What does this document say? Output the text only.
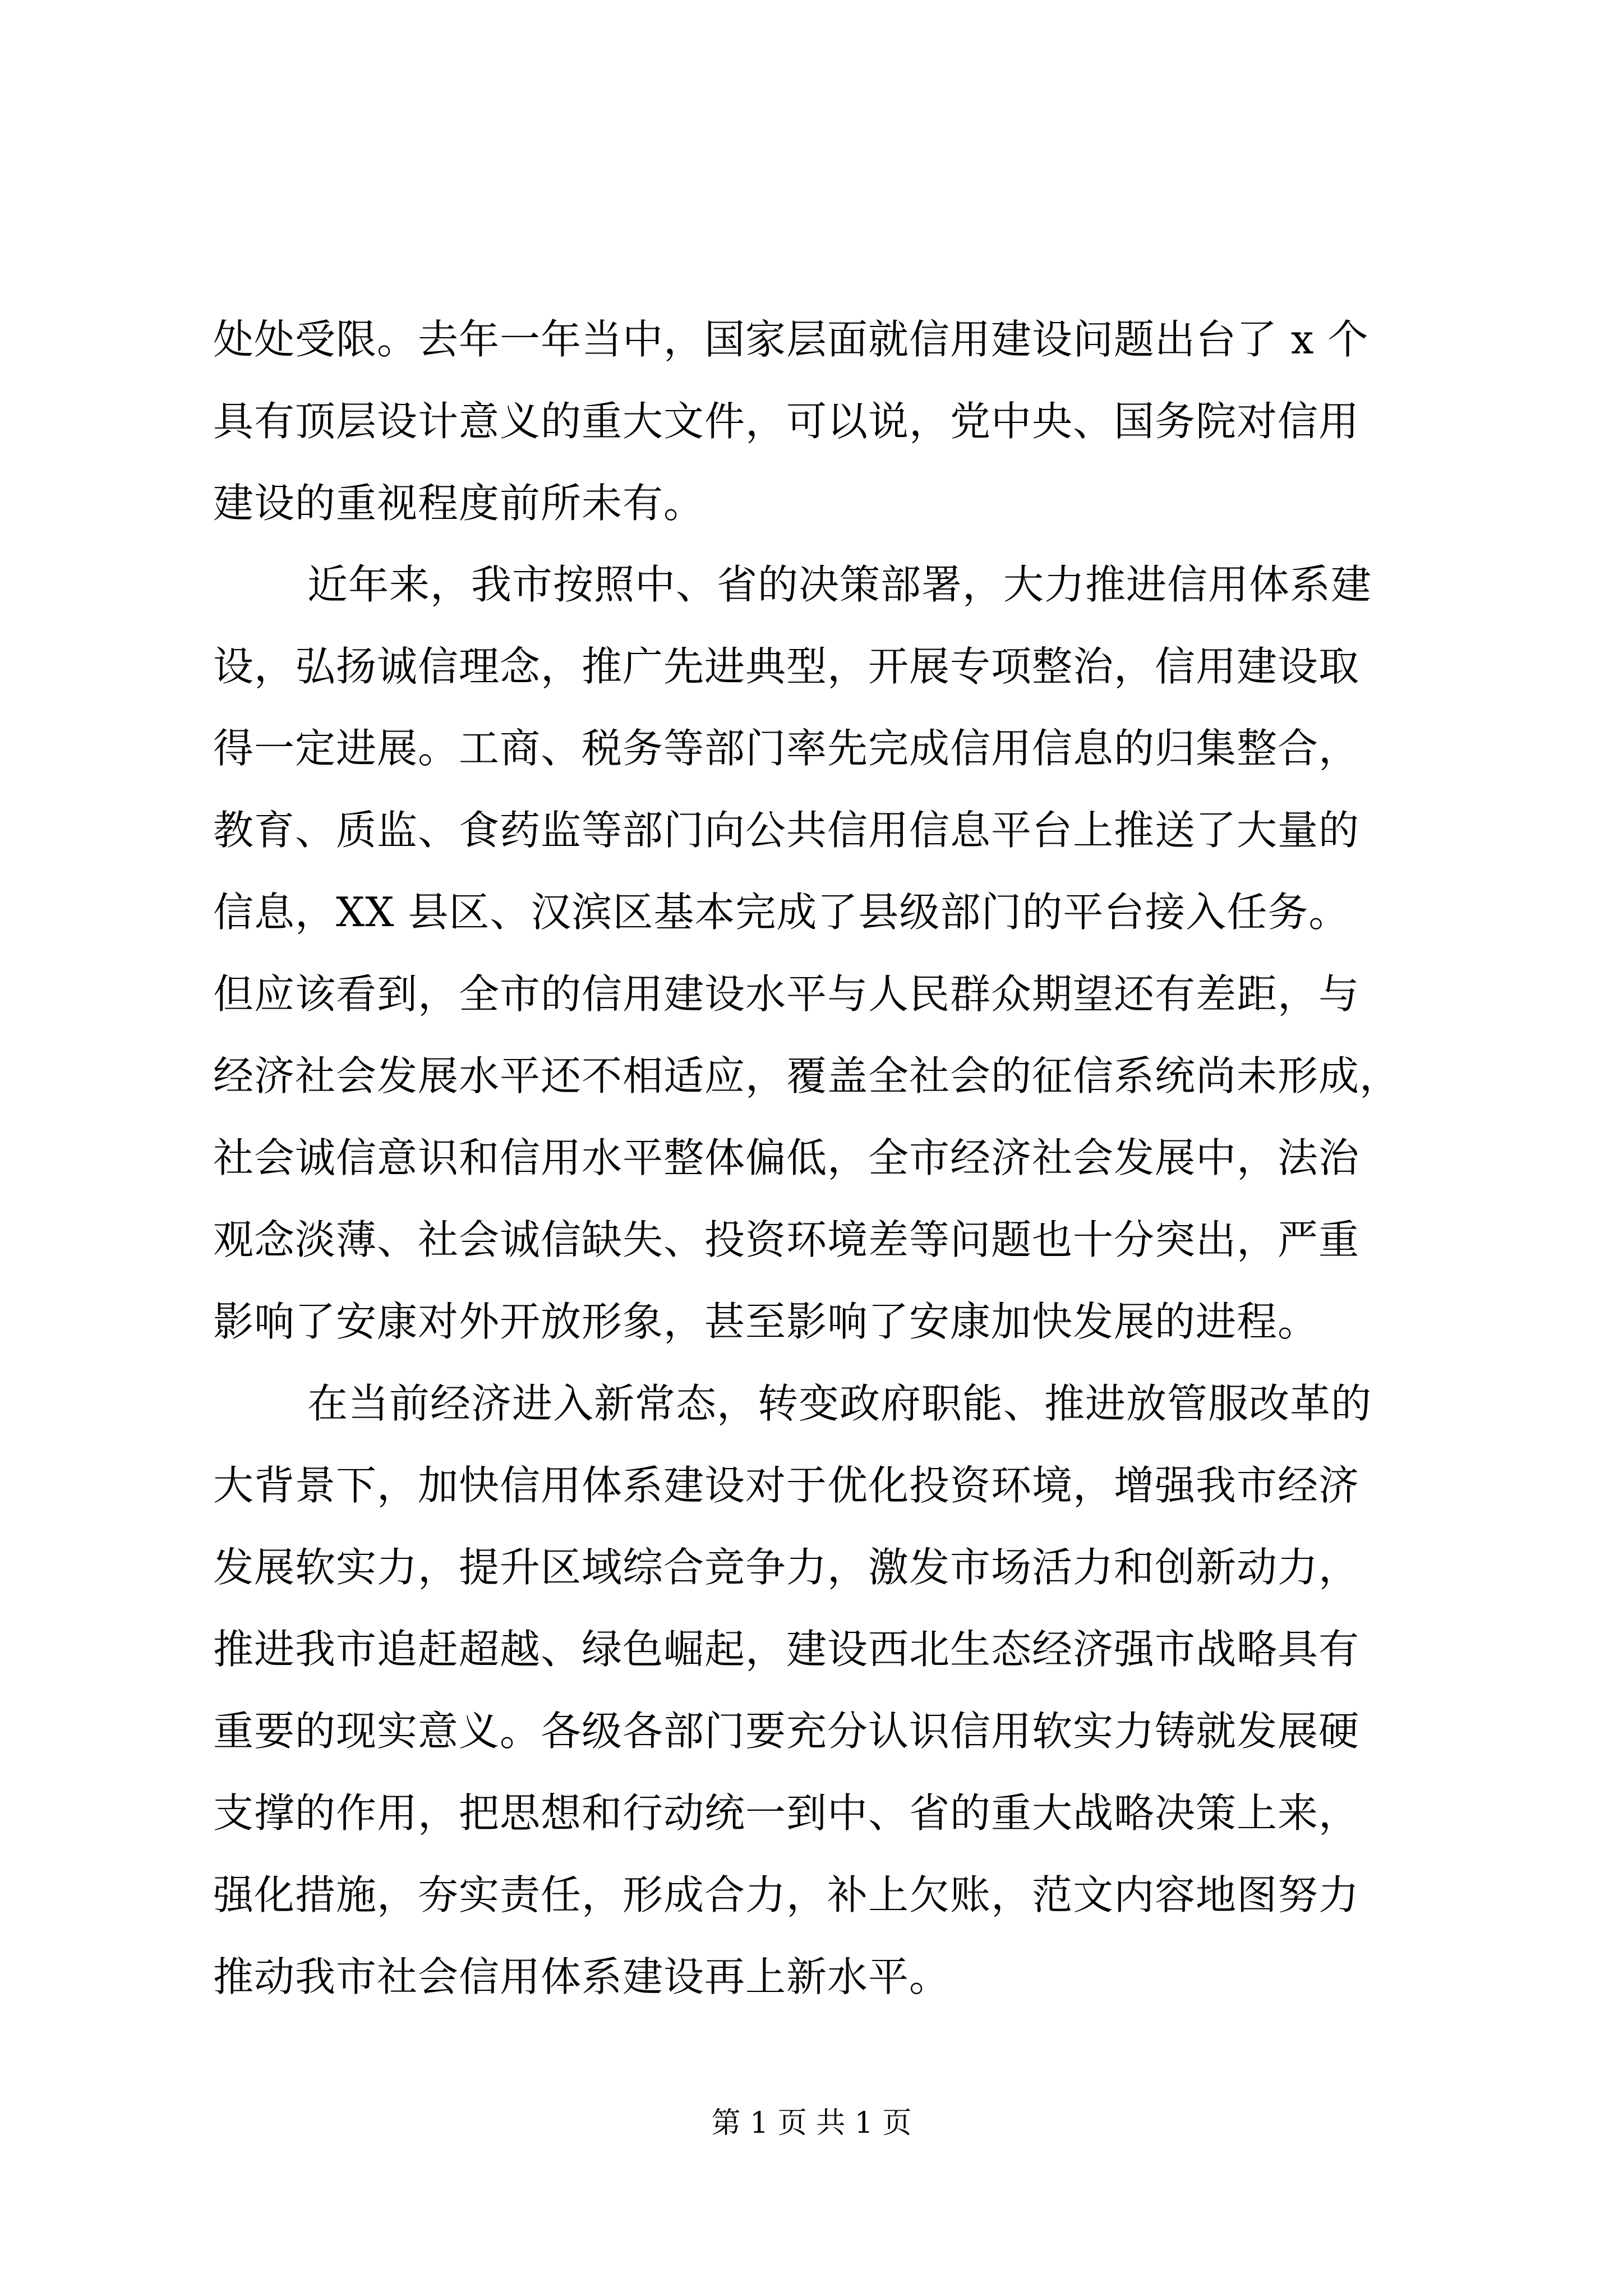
处处受限。去年一年当中，国家层面就信用建设问题出台了 x 个
具有顶层设计意义的重大文件，可以说，党中央、国务院对信用
建设的重视程度前所未有。
近年来，我市按照中、省的决策部署，大力推进信用体系建
设，弘扬诚信理念，推广先进典型，开展专项整治，信用建设取
得一定进展。工商、税务等部门率先完成信用信息的归集整合，
教育、质监、食药监等部门向公共信用信息平台上推送了大量的
信息，XX 县区、汉滨区基本完成了县级部门的平台接入任务。
但应该看到，全市的信用建设水平与人民群众期望还有差距，与
经济社会发展水平还不相适应，覆盖全社会的征信系统尚未形成，
社会诚信意识和信用水平整体偏低，全市经济社会发展中，法治
观念淡薄、社会诚信缺失、投资环境差等问题也十分突出，严重
影响了安康对外开放形象，甚至影响了安康加快发展的进程。
在当前经济进入新常态，转变政府职能、推进放管服改革的
大背景下，加快信用体系建设对于优化投资环境，增强我市经济
发展软实力，提升区域综合竞争力，激发市场活力和创新动力，
推进我市追赶超越、绿色崛起，建设西北生态经济强市战略具有
重要的现实意义。各级各部门要充分认识信用软实力铸就发展硬
支撑的作用，把思想和行动统一到中、省的重大战略决策上来，
强化措施，夯实责任，形成合力，补上欠账，范文内容地图努力
推动我市社会信用体系建设再上新水平。
第 1 页 共 1 页
